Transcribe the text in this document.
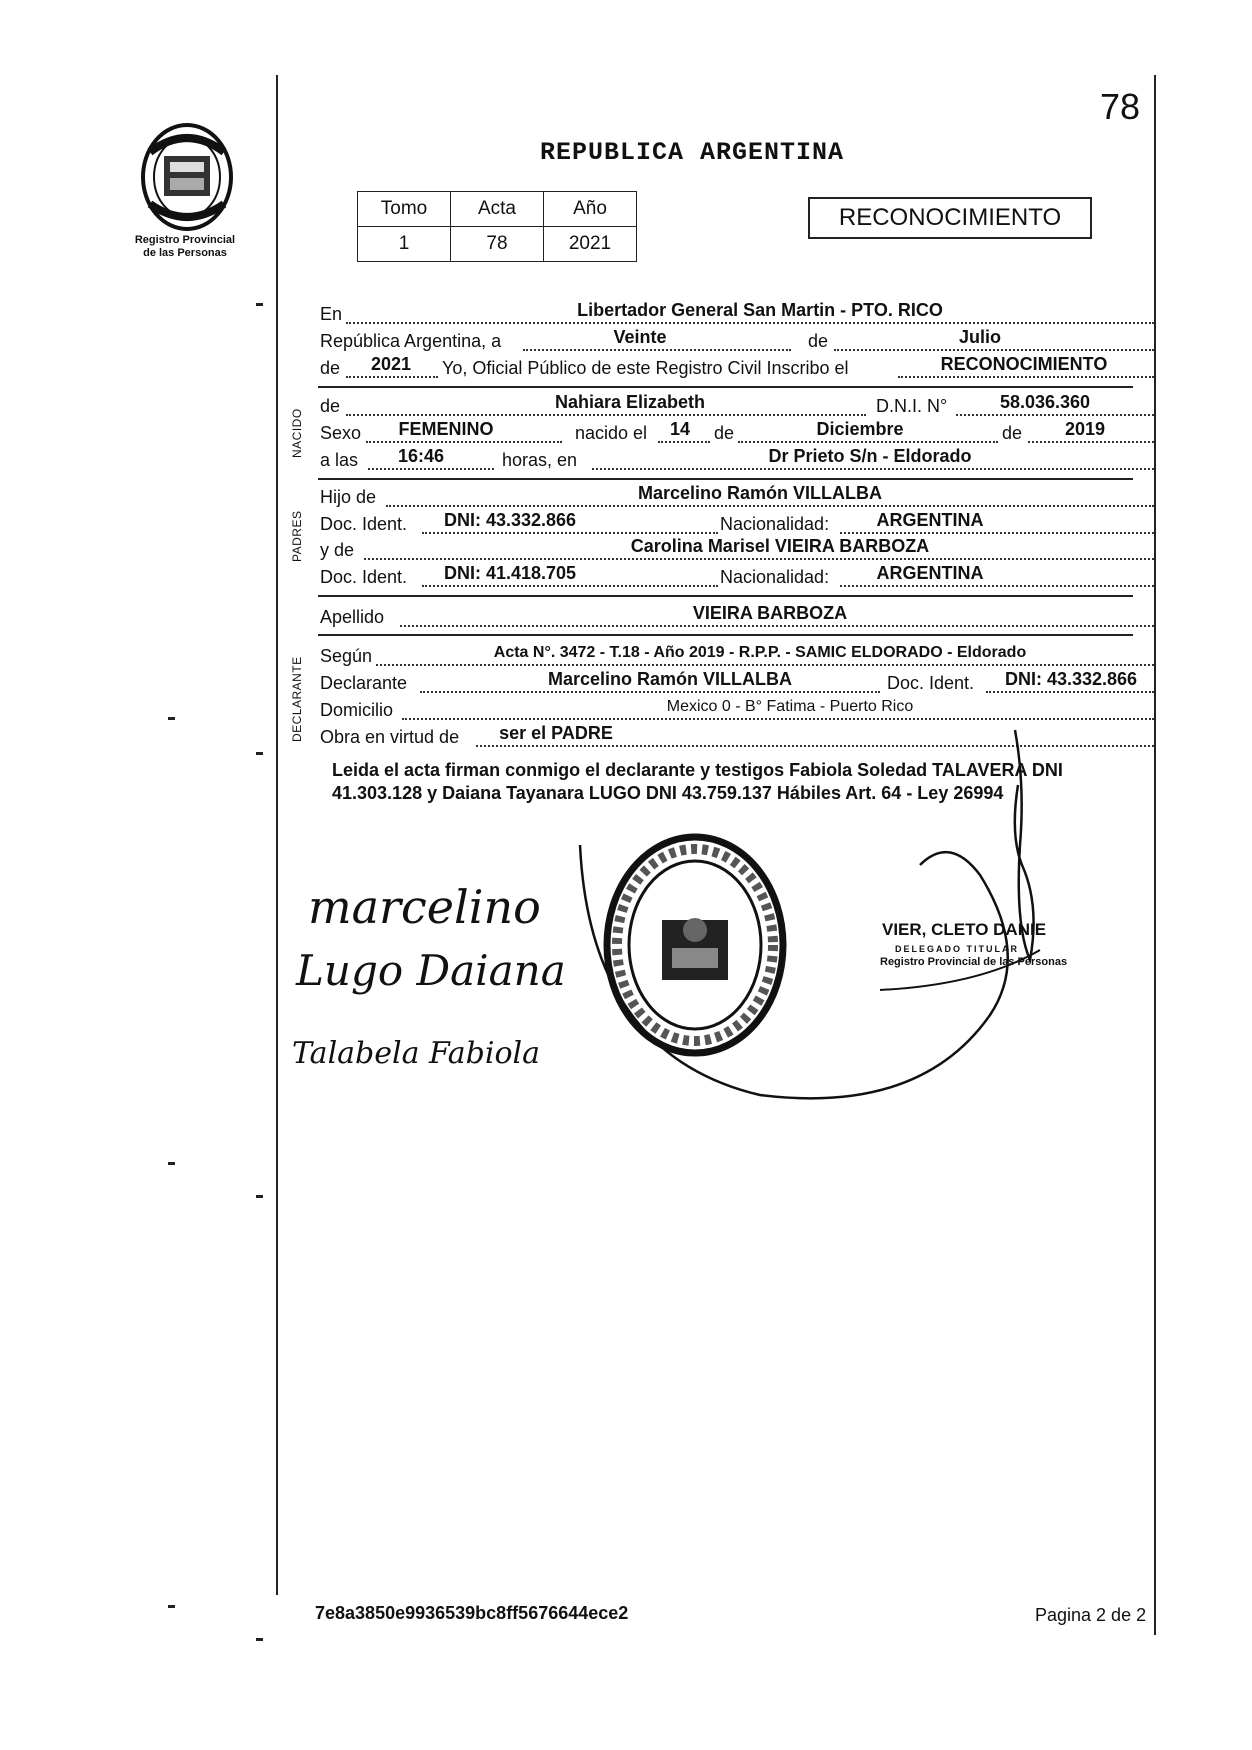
78
Registro Provincial
de las Personas
REPUBLICA ARGENTINA
Tomo	Acta	Año
1	78	2021
RECONOCIMIENTO
En	Libertador General San Martin - PTO. RICO
República Argentina, a	Veinte	de	Julio
de	2021	Yo, Oficial Público de este Registro Civil Inscribo el	RECONOCIMIENTO
NACIDO
de	Nahiara Elizabeth	D.N.I. N°	58.036.360
Sexo	FEMENINO	nacido el	14	de	Diciembre	de	2019
a las	16:46	horas, en	Dr Prieto S/n - Eldorado
PADRES
Hijo de	Marcelino Ramón VILLALBA
Doc. Ident.	DNI: 43.332.866	Nacionalidad:	ARGENTINA
y de	Carolina Marisel VIEIRA BARBOZA
Doc. Ident.	DNI: 41.418.705	Nacionalidad:	ARGENTINA
Apellido	VIEIRA BARBOZA
DECLARANTE
Según	Acta N°. 3472 - T.18 - Año 2019 - R.P.P. - SAMIC ELDORADO - Eldorado
Declarante	Marcelino Ramón VILLALBA	Doc. Ident.	DNI: 43.332.866
Domicilio	Mexico 0 - B° Fatima - Puerto Rico
Obra en virtud de	ser el PADRE
Leida el acta firman conmigo el declarante y testigos Fabiola Soledad TALAVERA DNI 41.303.128 y Daiana Tayanara LUGO DNI 43.759.137 Hábiles Art. 64 - Ley 26994
marcelino
Lugo Daiana
Talabela Fabiola
VIER, CLETO DANIE
DELEGADO TITULAR
Registro Provincial de las Personas
7e8a3850e9936539bc8ff5676644ece2	Pagina 2 de 2
